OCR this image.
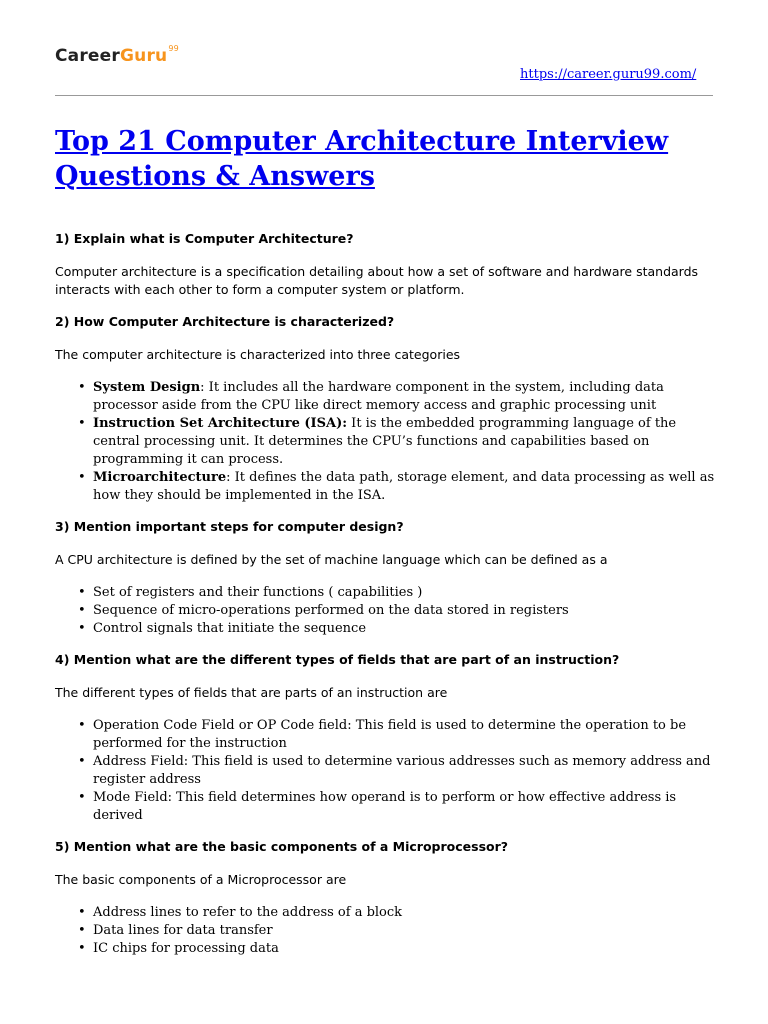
CareerGuru$^{99}$
https://career.guru99.com/
Top 21 Computer Architecture Interview Questions & Answers

1) Explain what is Computer Architecture?

Computer architecture is a specification detailing about how a set of software and hardware standards interacts with each other to form a computer system or platform.

2) How Computer Architecture is characterized?

The computer architecture is characterized into three categories

• System Design: It includes all the hardware component in the system, including data processor aside from the CPU like direct memory access and graphic processing unit
• Instruction Set Architecture (ISA): It is the embedded programming language of the central processing unit. It determines the CPU’s functions and capabilities based on programming it can process.
• Microarchitecture: It defines the data path, storage element, and data processing as well as how they should be implemented in the ISA.

3) Mention important steps for computer design?

A CPU architecture is defined by the set of machine language which can be defined as a

• Set of registers and their functions ( capabilities )
• Sequence of micro-operations performed on the data stored in registers
• Control signals that initiate the sequence

4) Mention what are the different types of fields that are part of an instruction?

The different types of fields that are parts of an instruction are

• Operation Code Field or OP Code field: This field is used to determine the operation to be performed for the instruction
• Address Field: This field is used to determine various addresses such as memory address and register address
• Mode Field: This field determines how operand is to perform or how effective address is derived

5) Mention what are the basic components of a Microprocessor?

The basic components of a Microprocessor are

• Address lines to refer to the address of a block
• Data lines for data transfer
• IC chips for processing data
